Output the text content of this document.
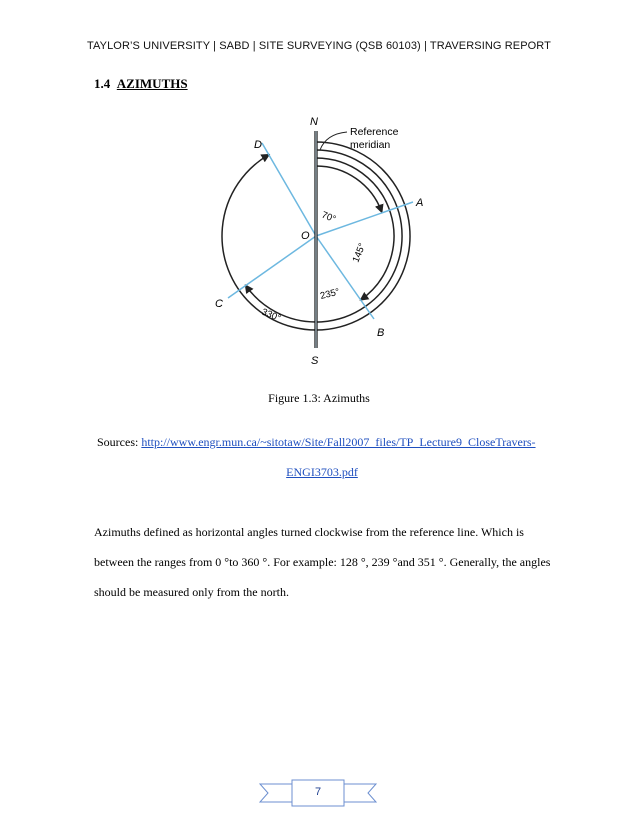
TAYLOR’S UNIVERSITY | SABD | SITE SURVEYING (QSB 60103) | TRAVERSING REPORT
1.4 AZIMUTHS
N
S
O
A
B
C
D
Reference
meridian
70°
145°
235°
330°
Figure 1.3: Azimuths
Sources: http://www.engr.mun.ca/~sitotaw/Site/Fall2007_files/TP_Lecture9_CloseTravers-
ENGI3703.pdf

Azimuths defined as horizontal angles turned clockwise from the reference line. Which is

between the ranges from 0 °to 360 °. For example: 128 °, 239 °and 351 °. Generally, the angles

should be measured only from the north.

7
